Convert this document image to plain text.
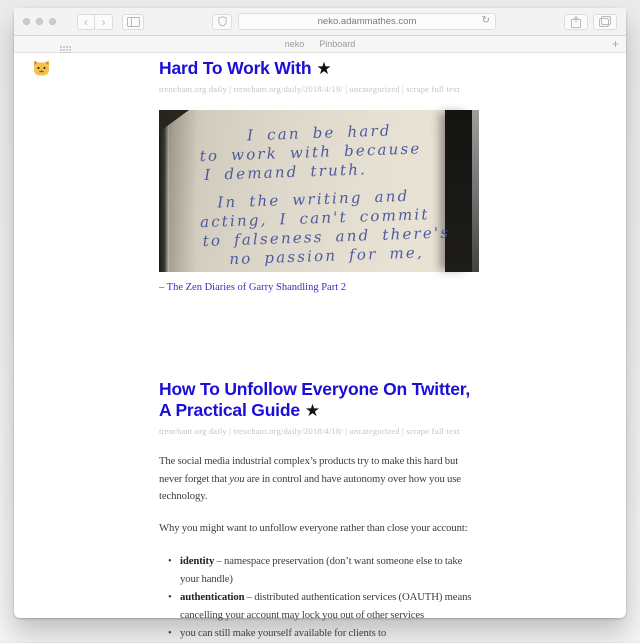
‹ ›	neko.adammathes.com	↻
neko Pinboard	+
Hard To Work With ★
trenchant.org daily | trenchant.org/daily/2018/4/19/ | uncategorized | scrape full text
I can be hard
to work with because
I demand truth.
In the writing and
acting, I can't commit
to falseness and there's
no passion for me,
– The Zen Diaries of Garry Shandling Part 2
How To Unfollow Everyone On Twitter, A Practical Guide ★
trenchant.org daily | trenchant.org/daily/2018/4/18/ | uncategorized | scrape full text

The social media industrial complex’s products try to make this hard but never forget that you are in control and have autonomy over how you use technology.

Why you might want to unfollow everyone rather than close your account:

• identity – namespace preservation (don’t want someone else to take your handle)
• authentication – distributed authentication services (OAUTH) means cancelling your account may lock you out of other services
• you can still make yourself available for clients to
